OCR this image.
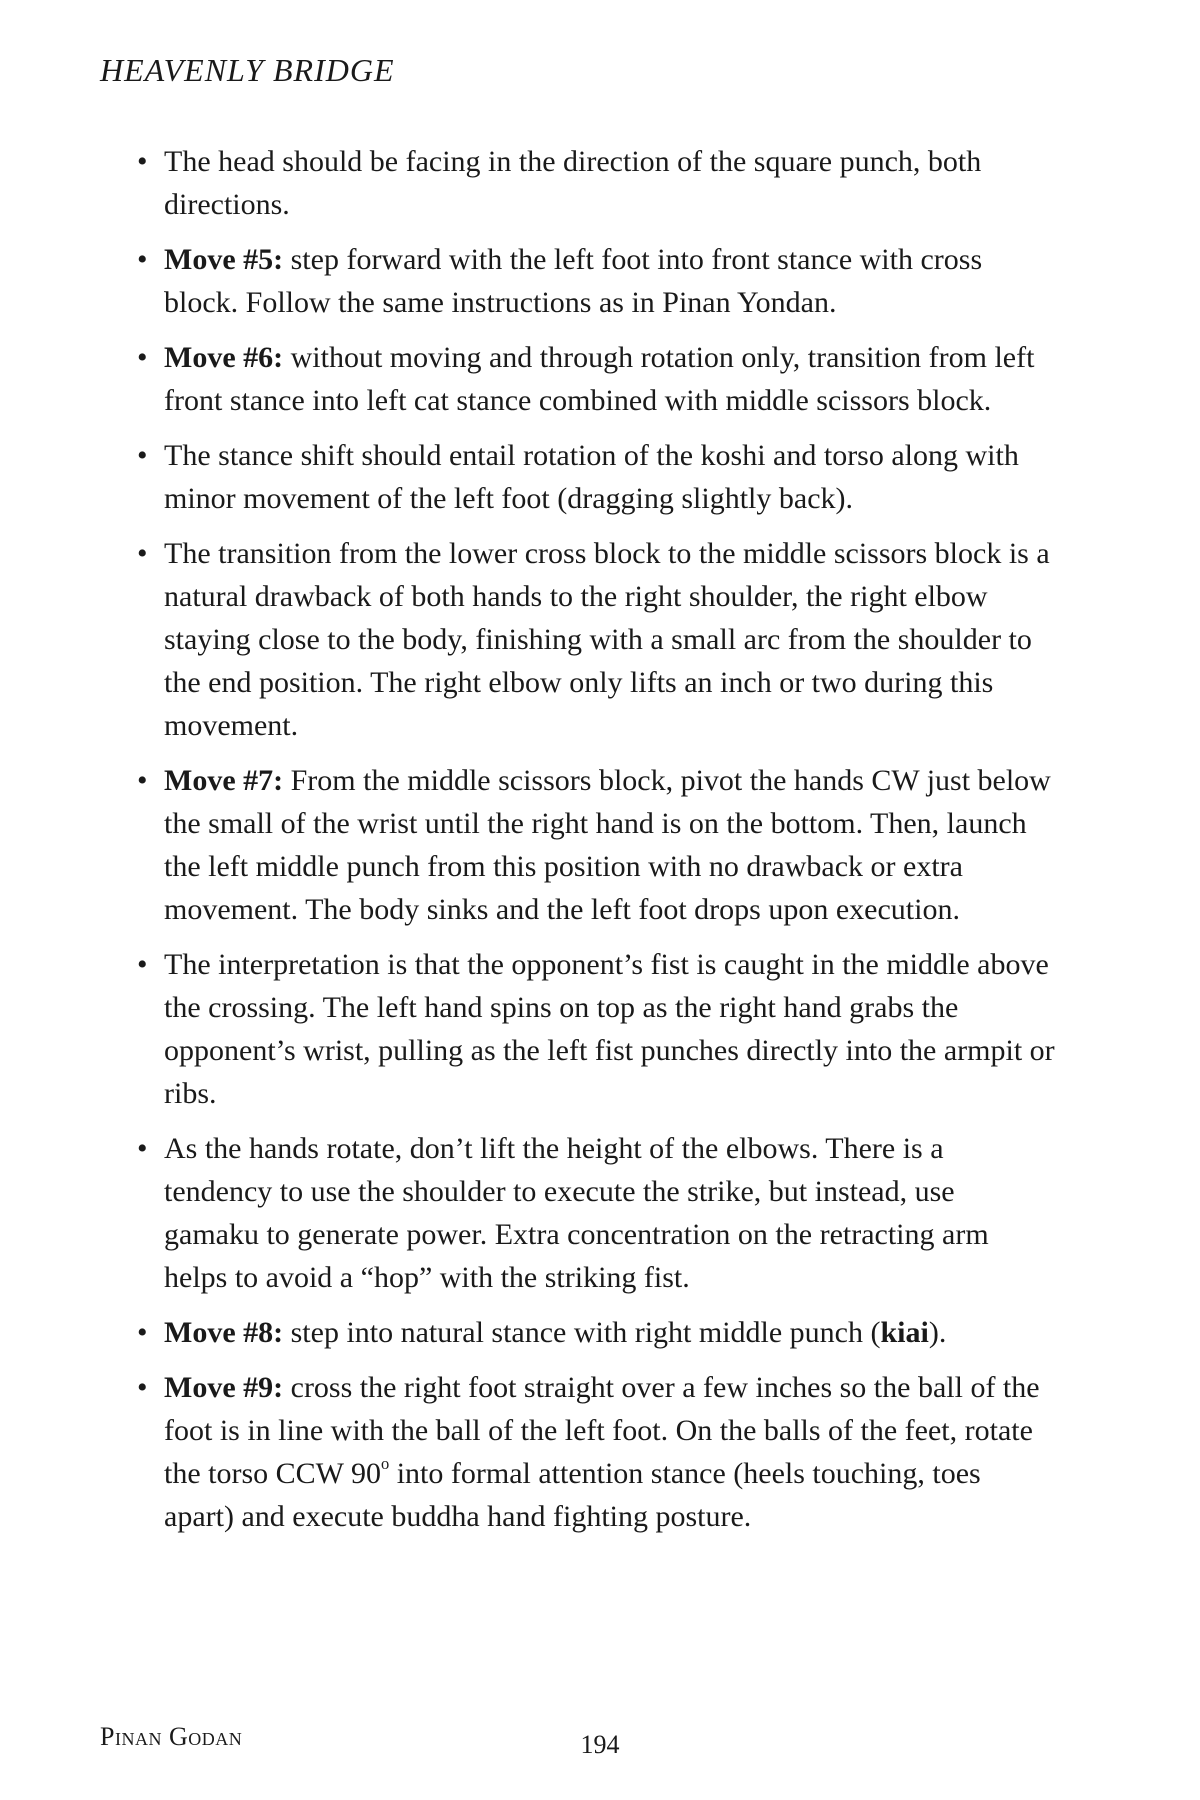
HEAVENLY BRIDGE
• The head should be facing in the direction of the square punch, both directions.
• Move #5: step forward with the left foot into front stance with cross block. Follow the same instructions as in Pinan Yondan.
• Move #6: without moving and through rotation only, transition from left front stance into left cat stance combined with middle scissors block.
• The stance shift should entail rotation of the koshi and torso along with minor movement of the left foot (dragging slightly back).
• The transition from the lower cross block to the middle scissors block is a natural drawback of both hands to the right shoulder, the right elbow staying close to the body, finishing with a small arc from the shoulder to the end position. The right elbow only lifts an inch or two during this movement.
• Move #7: From the middle scissors block, pivot the hands CW just below the small of the wrist until the right hand is on the bottom. Then, launch the left middle punch from this position with no drawback or extra movement. The body sinks and the left foot drops upon execution.
• The interpretation is that the opponent’s fist is caught in the middle above the crossing. The left hand spins on top as the right hand grabs the opponent’s wrist, pulling as the left fist punches directly into the armpit or ribs.
• As the hands rotate, don’t lift the height of the elbows. There is a tendency to use the shoulder to execute the strike, but instead, use gamaku to generate power. Extra concentration on the retracting arm helps to avoid a “hop” with the striking fist.
• Move #8: step into natural stance with right middle punch (kiai).
• Move #9: cross the right foot straight over a few inches so the ball of the foot is in line with the ball of the left foot. On the balls of the feet, rotate the torso CCW 90$^o$ into formal attention stance (heels touching, toes apart) and execute buddha hand fighting posture.
Pinan Godan	194
